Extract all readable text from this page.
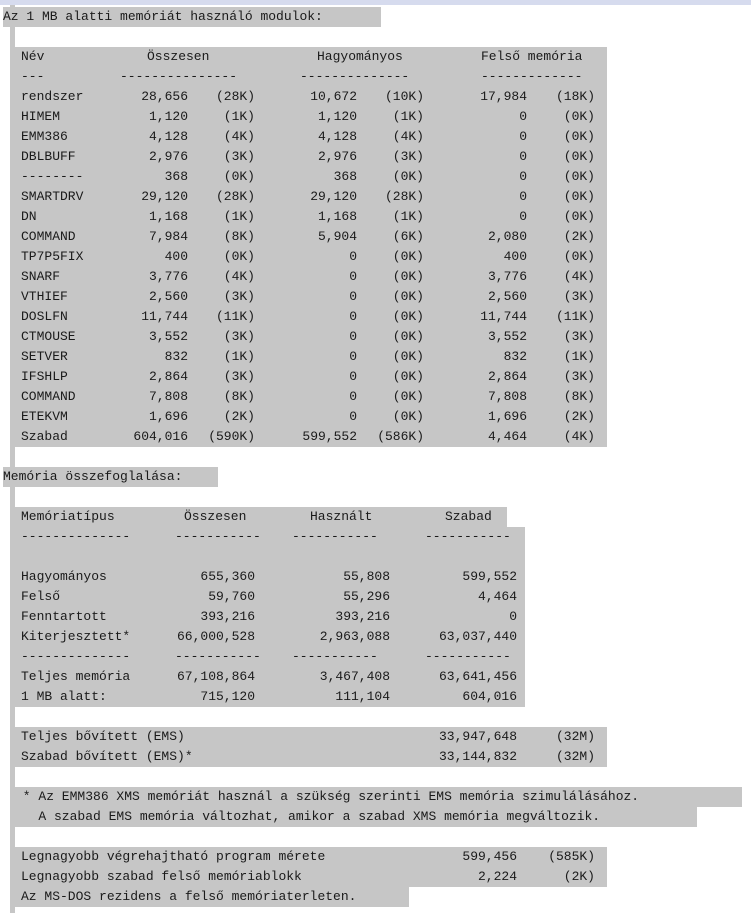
Az 1 MB alatti memóriát használó modulok:
Név	Összesen	Hagyományos	Felső memória
---	---------------	--------------	-------------
rendszer	28,656 (28K)	10,672 (10K)	17,984 (18K)
HIMEM	1,120	(1K)	1,120	(1K)	0	(0K)
EMM386	4,128	(4K)	4,128	(4K)	0	(0K)
DBLBUFF	2,976	(3K)	2,976	(3K)	0	(0K)
--------	368	(0K)	368	(0K)	0	(0K)
SMARTDRV	29,120 (28K)	29,120 (28K)	0	(0K)
DN	1,168	(1K)	1,168	(1K)	0	(0K)
COMMAND	7,984	(8K)	5,904	(6K)	2,080	(2K)
TP7P5FIX	400	(0K)	0	(0K)	400	(0K)
SNARF	3,776	(4K)	0	(0K)	3,776	(4K)
VTHIEF	2,560	(3K)	0	(0K)	2,560	(3K)
DOSLFN	11,744 (11K)	0	(0K)	11,744 (11K)
CTMOUSE	3,552	(3K)	0	(0K)	3,552	(3K)
SETVER	832	(1K)	0	(0K)	832	(1K)
IFSHLP	2,864	(3K)	0	(0K)	2,864	(3K)
COMMAND	7,808	(8K)	0	(0K)	7,808	(8K)
ETEKVM	1,696	(2K)	0	(0K)	1,696	(2K)
Szabad	604,016 (590K)	599,552 (586K)	4,464	(4K)
Memória összefoglalása:
Memóriatípus	Összesen	Használt	Szabad
--------------	----------- -----------	-----------
Hagyományos	655,360	55,808	599,552
Felső	59,760	55,296	4,464
Fenntartott	393,216	393,216	0
Kiterjesztett*	66,000,528	2,963,088	63,037,440
--------------	----------- -----------	-----------
Teljes memória	67,108,864	3,467,408	63,641,456
1 MB alatt:	715,120	111,104	604,016
Teljes bővített (EMS)	33,947,648	(32M)
Szabad bővített (EMS)*	33,144,832	(32M)
* Az EMM386 XMS memóriát használ a szükség szerinti EMS memória szimulálásához.
A szabad EMS memória változhat, amikor a szabad XMS memória megváltozik.
Legnagyobb végrehajtható program mérete	599,456 (585K)
Legnagyobb szabad felső memóriablokk	2,224	(2K)
Az MS-DOS rezidens a felső memóriaterleten.
